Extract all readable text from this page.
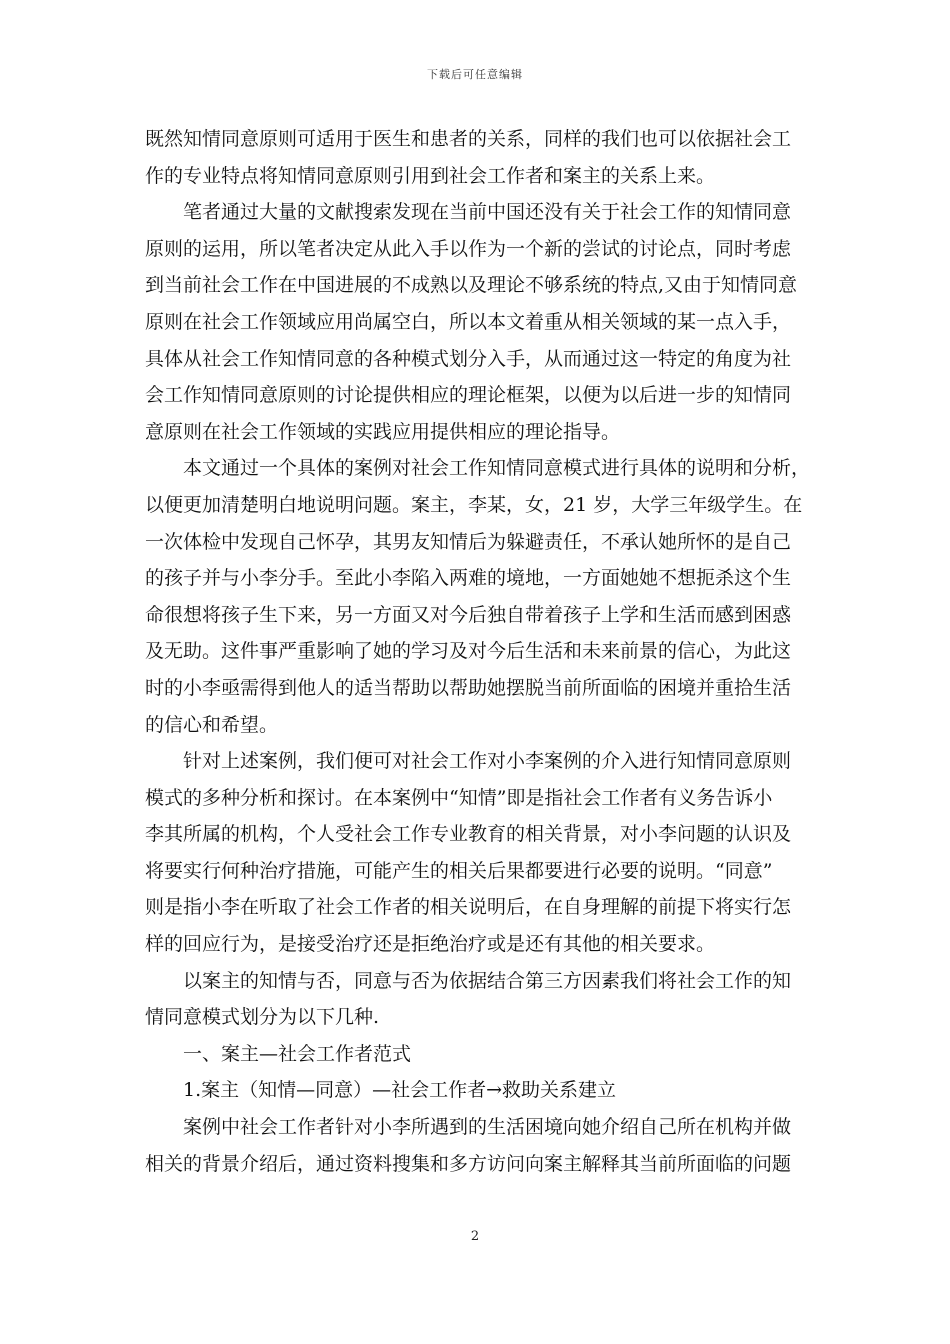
下载后可任意编辑
既然知情同意原则可适用于医生和患者的关系，同样的我们也可以依据社会工
作的专业特点将知情同意原则引用到社会工作者和案主的关系上来。
笔者通过大量的文献搜索发现在当前中国还没有关于社会工作的知情同意
原则的运用，所以笔者决定从此入手以作为一个新的尝试的讨论点，同时考虑
到当前社会工作在中国进展的不成熟以及理论不够系统的特点,又由于知情同意
原则在社会工作领域应用尚属空白，所以本文着重从相关领域的某一点入手，
具体从社会工作知情同意的各种模式划分入手，从而通过这一特定的角度为社
会工作知情同意原则的讨论提供相应的理论框架，以便为以后进一步的知情同
意原则在社会工作领域的实践应用提供相应的理论指导。
本文通过一个具体的案例对社会工作知情同意模式进行具体的说明和分析，
以便更加清楚明白地说明问题。案主，李某，女，21 岁，大学三年级学生。在
一次体检中发现自己怀孕，其男友知情后为躲避责任，不承认她所怀的是自己
的孩子并与小李分手。至此小李陷入两难的境地，一方面她她不想扼杀这个生
命很想将孩子生下来，另一方面又对今后独自带着孩子上学和生活而感到困惑
及无助。这件事严重影响了她的学习及对今后生活和未来前景的信心，为此这
时的小李亟需得到他人的适当帮助以帮助她摆脱当前所面临的困境并重拾生活
的信心和希望。
针对上述案例，我们便可对社会工作对小李案例的介入进行知情同意原则
模式的多种分析和探讨。在本案例中“知情”即是指社会工作者有义务告诉小
李其所属的机构，个人受社会工作专业教育的相关背景，对小李问题的认识及
将要实行何种治疗措施，可能产生的相关后果都要进行必要的说明。“同意”
则是指小李在听取了社会工作者的相关说明后，在自身理解的前提下将实行怎
样的回应行为，是接受治疗还是拒绝治疗或是还有其他的相关要求。
以案主的知情与否，同意与否为依据结合第三方因素我们将社会工作的知
情同意模式划分为以下几种.
一、案主—社会工作者范式
1.案主（知情—同意）—社会工作者→救助关系建立
案例中社会工作者针对小李所遇到的生活困境向她介绍自己所在机构并做
相关的背景介绍后，通过资料搜集和多方访问向案主解释其当前所面临的问题
2
